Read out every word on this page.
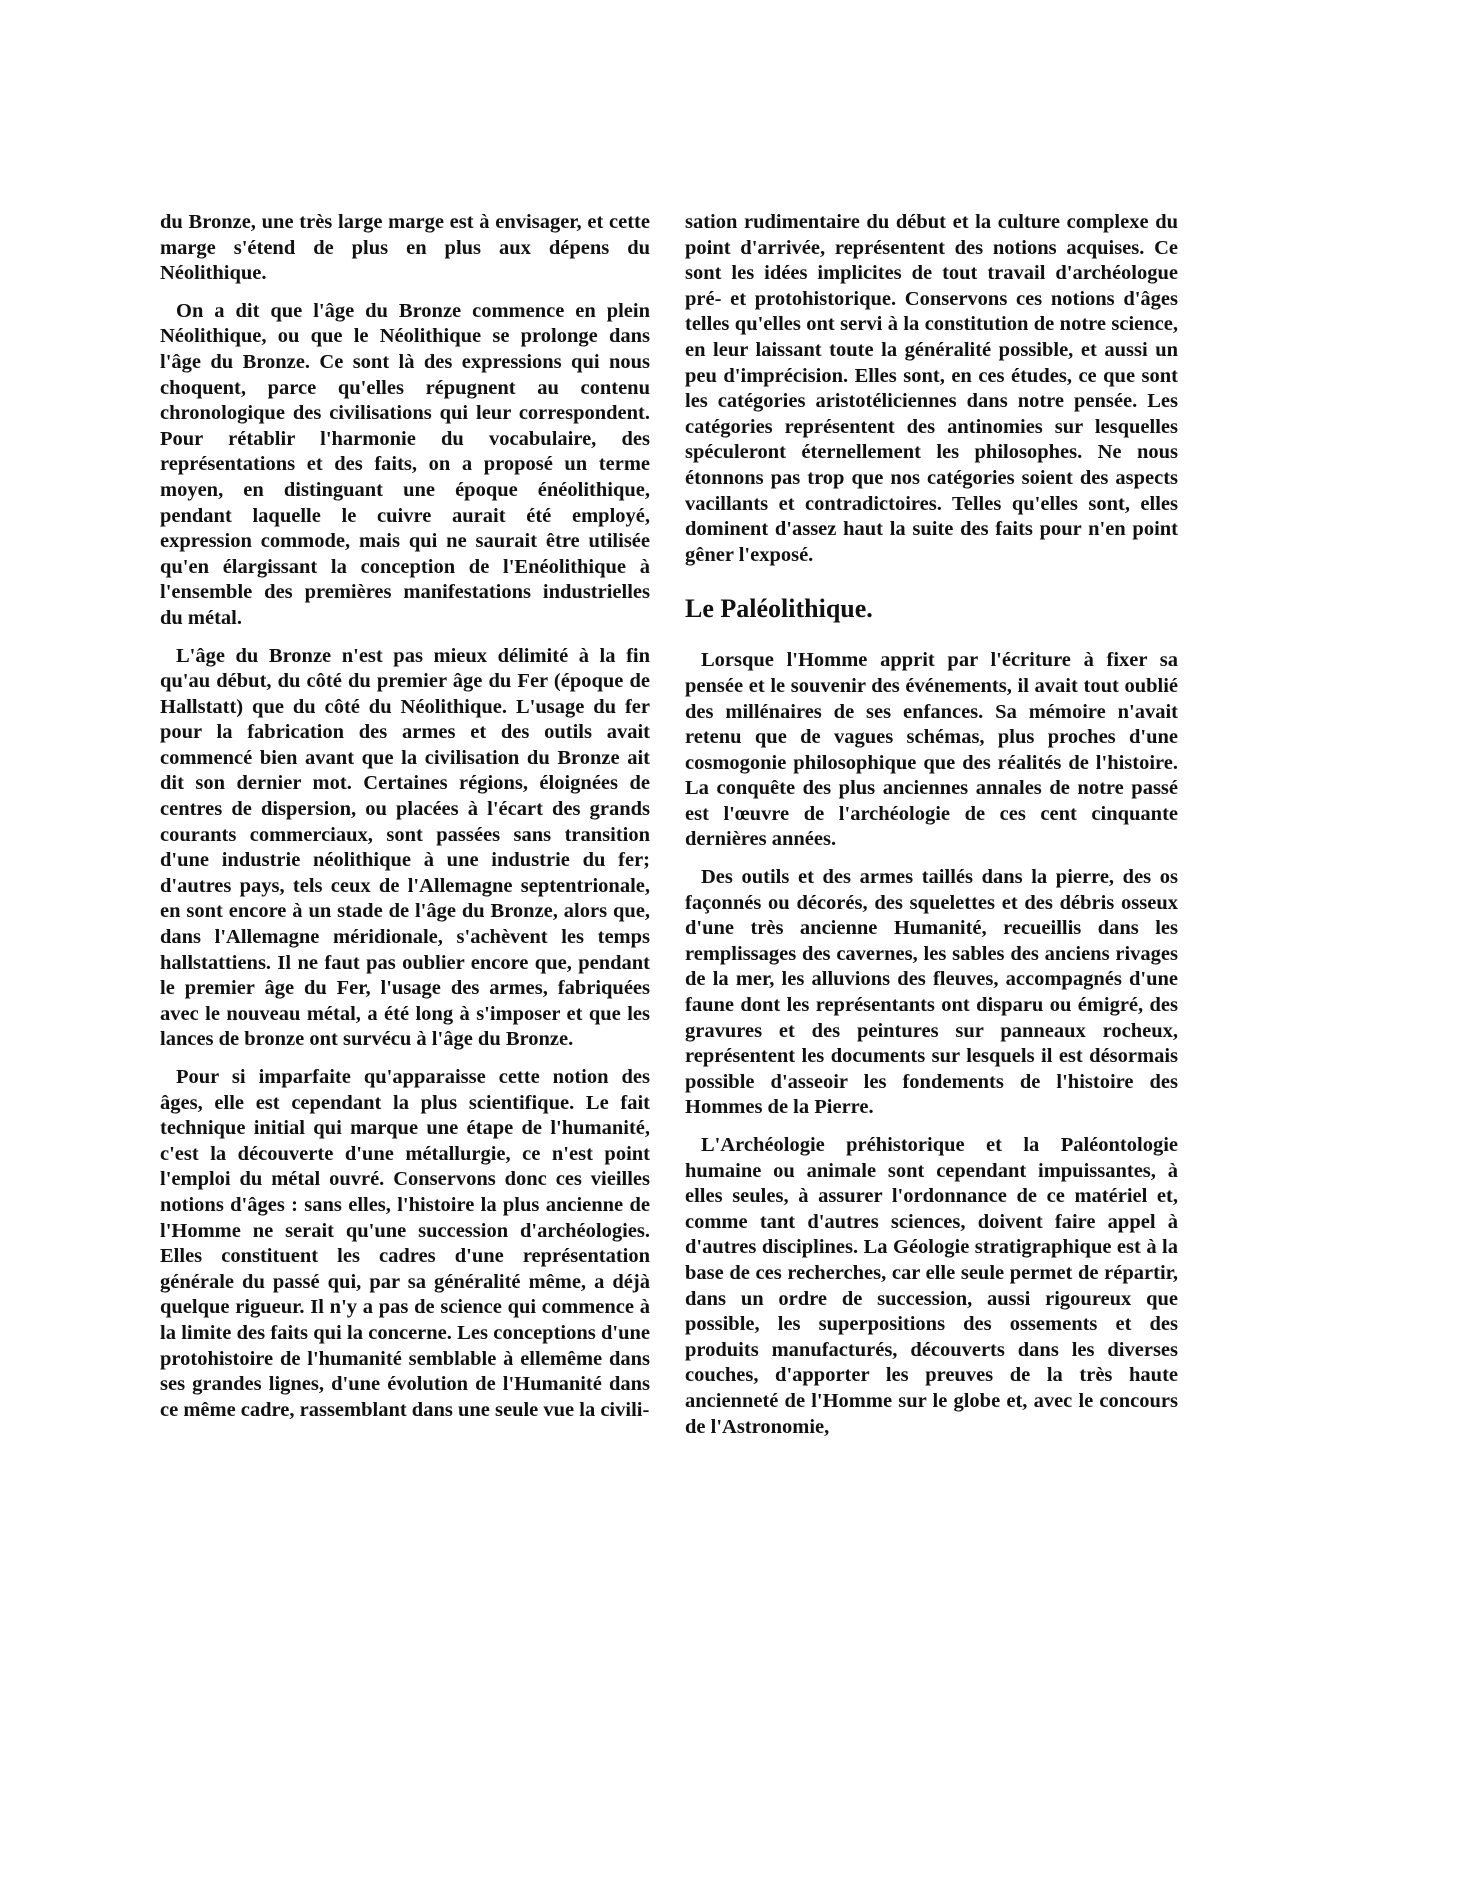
du Bronze, une très large marge est à envisager, et cette marge s'étend de plus en plus aux dépens du Néolithique.

On a dit que l'âge du Bronze commence en plein Néolithique, ou que le Néolithique se prolonge dans l'âge du Bronze. Ce sont là des expressions qui nous choquent, parce qu'elles répugnent au contenu chronologique des civilisations qui leur correspondent. Pour rétablir l'harmonie du vocabulaire, des représentations et des faits, on a proposé un terme moyen, en distinguant une époque énéolithique, pendant laquelle le cuivre aurait été employé, expression commode, mais qui ne saurait être utilisée qu'en élargissant la conception de l'Enéolithique à l'ensemble des premières manifestations industrielles du métal.

L'âge du Bronze n'est pas mieux délimité à la fin qu'au début, du côté du premier âge du Fer (époque de Hallstatt) que du côté du Néolithique. L'usage du fer pour la fabrication des armes et des outils avait commencé bien avant que la civilisation du Bronze ait dit son dernier mot. Certaines régions, éloignées de centres de dispersion, ou placées à l'écart des grands courants commerciaux, sont passées sans transition d'une industrie néolithique à une industrie du fer; d'autres pays, tels ceux de l'Allemagne septentrionale, en sont encore à un stade de l'âge du Bronze, alors que, dans l'Allemagne méridionale, s'achèvent les temps hallstattiens. Il ne faut pas oublier encore que, pendant le premier âge du Fer, l'usage des armes, fabriquées avec le nouveau métal, a été long à s'imposer et que les lances de bronze ont survécu à l'âge du Bronze.

Pour si imparfaite qu'apparaisse cette notion des âges, elle est cependant la plus scientifique. Le fait technique initial qui marque une étape de l'humanité, c'est la découverte d'une métallurgie, ce n'est point l'emploi du métal ouvré. Conservons donc ces vieilles notions d'âges : sans elles, l'histoire la plus ancienne de l'Homme ne serait qu'une succession d'archéologies. Elles constituent les cadres d'une représentation générale du passé qui, par sa généralité même, a déjà quelque rigueur. Il n'y a pas de science qui commence à la limite des faits qui la concerne. Les conceptions d'une protohistoire de l'humanité semblable à ellemême dans ses grandes lignes, d'une évolution de l'Humanité dans ce même cadre, rassemblant dans une seule vue la civili-

sation rudimentaire du début et la culture complexe du point d'arrivée, représentent des notions acquises. Ce sont les idées implicites de tout travail d'archéologue pré- et protohistorique. Conservons ces notions d'âges telles qu'elles ont servi à la constitution de notre science, en leur laissant toute la généralité possible, et aussi un peu d'imprécision. Elles sont, en ces études, ce que sont les catégories aristotéliciennes dans notre pensée. Les catégories représentent des antinomies sur lesquelles spéculeront éternellement les philosophes. Ne nous étonnons pas trop que nos catégories soient des aspects vacillants et contradictoires. Telles qu'elles sont, elles dominent d'assez haut la suite des faits pour n'en point gêner l'exposé.

Le Paléolithique.

Lorsque l'Homme apprit par l'écriture à fixer sa pensée et le souvenir des événements, il avait tout oublié des millénaires de ses enfances. Sa mémoire n'avait retenu que de vagues schémas, plus proches d'une cosmogonie philosophique que des réalités de l'histoire. La conquête des plus anciennes annales de notre passé est l'œuvre de l'archéologie de ces cent cinquante dernières années.

Des outils et des armes taillés dans la pierre, des os façonnés ou décorés, des squelettes et des débris osseux d'une très ancienne Humanité, recueillis dans les remplissages des cavernes, les sables des anciens rivages de la mer, les alluvions des fleuves, accompagnés d'une faune dont les représentants ont disparu ou émigré, des gravures et des peintures sur panneaux rocheux, représentent les documents sur lesquels il est désormais possible d'asseoir les fondements de l'histoire des Hommes de la Pierre.

L'Archéologie préhistorique et la Paléontologie humaine ou animale sont cependant impuissantes, à elles seules, à assurer l'ordonnance de ce matériel et, comme tant d'autres sciences, doivent faire appel à d'autres disciplines. La Géologie stratigraphique est à la base de ces recherches, car elle seule permet de répartir, dans un ordre de succession, aussi rigoureux que possible, les superpositions des ossements et des produits manufacturés, découverts dans les diverses couches, d'apporter les preuves de la très haute ancienneté de l'Homme sur le globe et, avec le concours de l'Astronomie,
